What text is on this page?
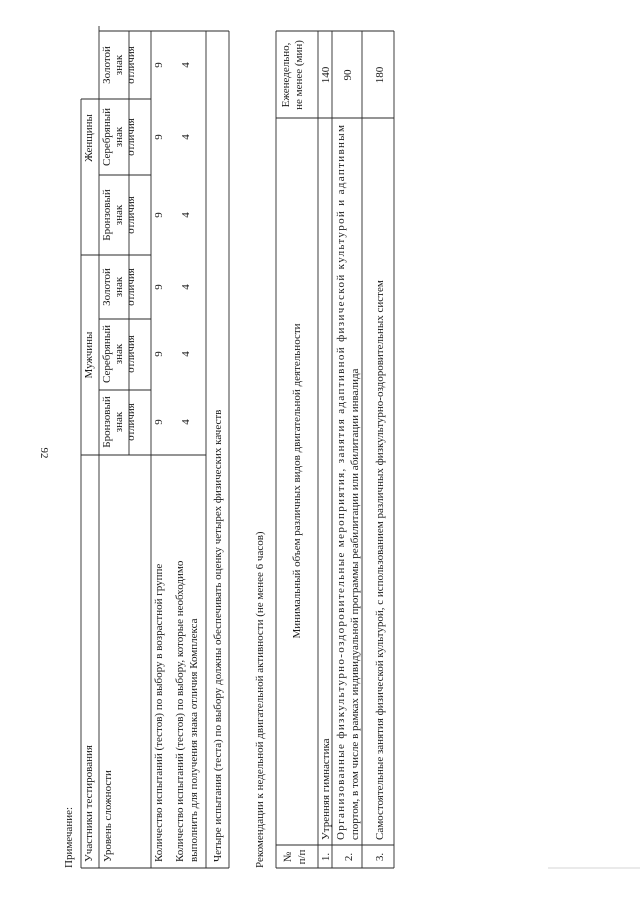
92
Примечание: Участники тестирования
Мужчины
Женщины
Уровень сложности
Бронзовый знак отличия
Серебряный знак отличия
Золотой знак отличия
Бронзовый знак отличия
Серебряный знак отличия
Золотой знак отличия
Количество испытаний (тестов) по выбору в возрастной группе
9
9
9
9
9
9
Количество испытаний (тестов) по выбору, которые необходимо выполнить для получения знака отличия Комплекса
4
4
4
4
4
4
Четыре испытания (теста) по выбору должны обеспечивать оценку четырех физических качеств	Рекомендации к недельной двигательной активности (не менее 6 часов) № п/п
Минимальный объем различных видов двигательной деятельности
Еженедельно, не менее (мин)
1.
Утренняя гимнастика
140
2.
Организованные физкультурно-оздоровительные мероприятия, занятия адаптивной физической культурой и адаптивным
спортом, в том числе в рамках индивидуальной программы реабилитации или абилитации инвалида
90
3.
Самостоятельные занятия физической культурой, с использованием различных физкультурно-оздоровительных систем
180
